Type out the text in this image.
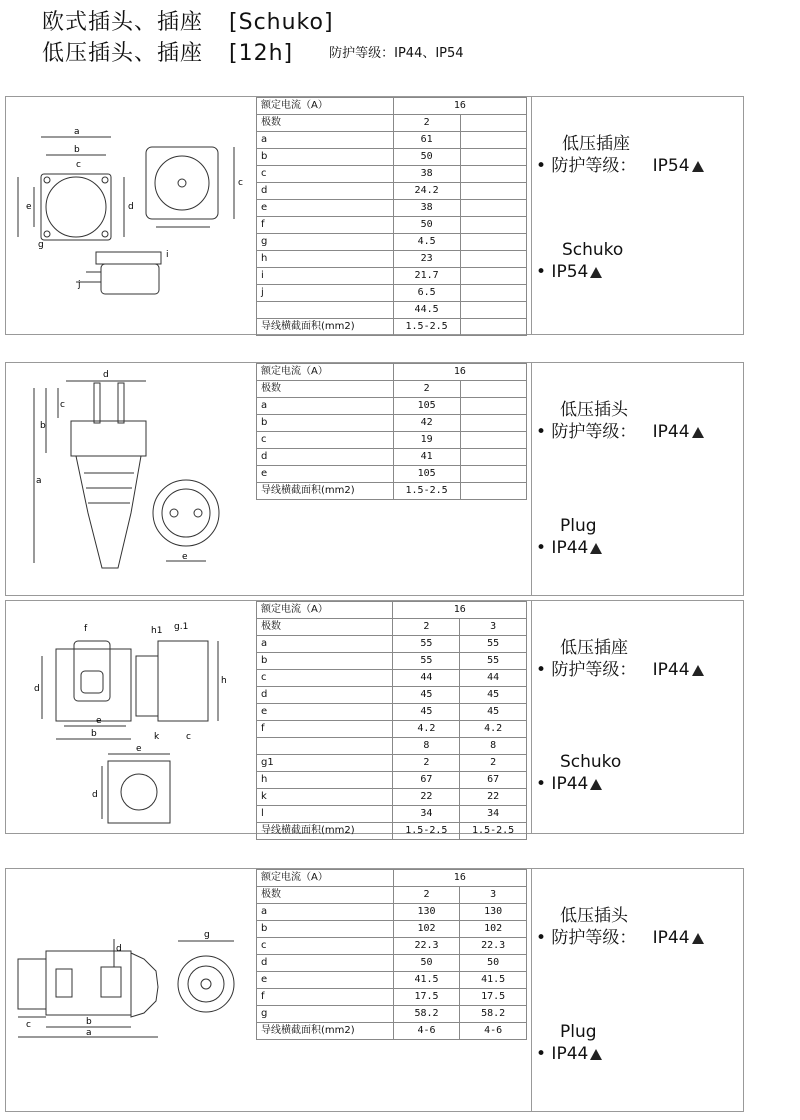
欧式插头、插座 [Schuko]
低压插头、插座 [12h]	防护等级：IP44、IP54
a
b
c
e	d
g
c
j
i
额定电流（A）	16	
极数	2	
a	61	
b	50	
c	38	
d	24.2	
e	38	
f	50	
g	4.5	
h	23	
i	21.7	
j	6.5	
	44.5	
导线横截面积(mm2)	1.5-2.5	
低压插座
• 防护等级： IP54
Schuko
• IP54
d
a
b
c
e
额定电流（A）	16	
极数	2	
a	105	
b	42	
c	19	
d	41	
e	105	
导线横截面积(mm2)	1.5-2.5	
低压插头
• 防护等级： IP44
Plug
• IP44
d
e
b
f
h
k	c
h1 g.1
e
d
额定电流（A）	16	
极数	2	3
a	55	55
b	55	55
c	44	44
d	45	45
e	45	45
f	4.2	4.2
	8	8
g1	2	2
h	67	67
k	22	22
l	34	34
导线横截面积(mm2)	1.5-2.5	1.5-2.5
低压插座
• 防护等级： IP44
Schuko
• IP44
d
c	b
a
g
额定电流（A）	16	
极数	2	3
a	130	130
b	102	102
c	22.3	22.3
d	50	50
e	41.5	41.5
f	17.5	17.5
g	58.2	58.2
导线横截面积(mm2)	4-6	4-6
低压插头
• 防护等级： IP44
Plug
• IP44
